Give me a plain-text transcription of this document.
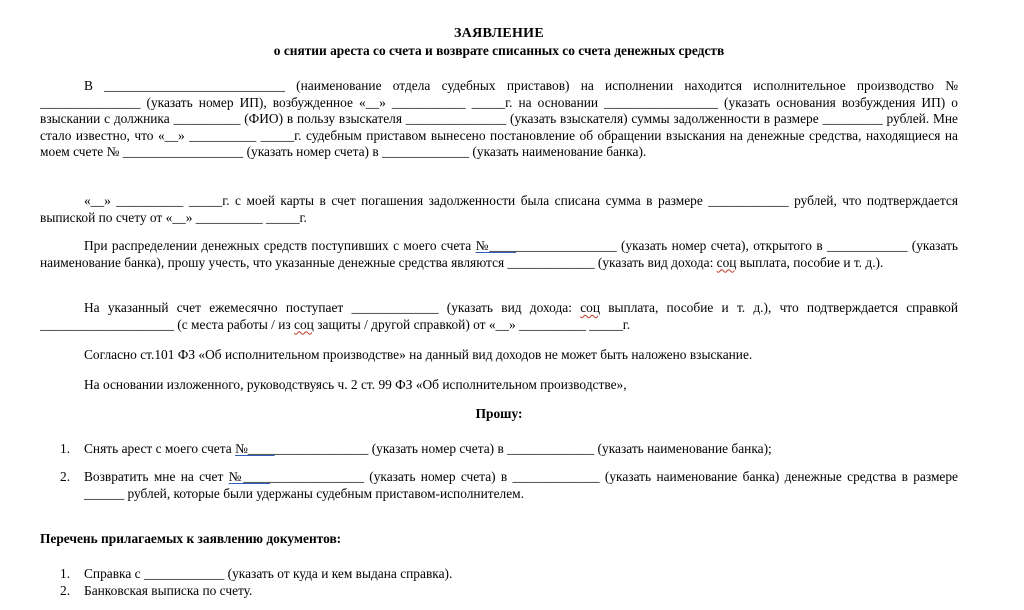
ЗАЯВЛЕНИЕ
о снятии ареста со счета и возврате списанных со счета денежных средств
В ___________________________ (наименование отдела судебных приставов) на исполнении находится исполнительное производство № _______________ (указать номер ИП), возбужденное «__» ___________ _____г. на основании _________________ (указать основания возбуждения ИП) о взыскании с должника __________ (ФИО) в пользу взыскателя _______________ (указать взыскателя) суммы задолженности в размере _________ рублей. Мне стало известно, что «__» __________ _____г. судебным приставом вынесено постановление об обращении взыскания на денежные средства, находящиеся на моем счете № __________________ (указать номер счета) в _____________ (указать наименование банка).
«__» __________ _____г. с моей карты в счет погашения задолженности была списана сумма в размере ____________ рублей, что подтверждается выпиской по счету от «__» __________ _____г.
При распределении денежных средств поступивших с моего счета №___________________ (указать номер счета), открытого в ____________ (указать наименование банка), прошу учесть, что указанные денежные средства являются _____________ (указать вид дохода: соц выплата, пособие и т. д.).
На указанный счет ежемесячно поступает _____________ (указать вид дохода: соц выплата, пособие и т. д.), что подтверждается справкой ____________________ (с места работы / из соц защиты / другой справкой) от «__» __________ _____г.
Согласно ст.101 ФЗ «Об исполнительном производстве» на данный вид доходов не может быть наложено взыскание.
На основании изложенного, руководствуясь ч. 2 ст. 99 ФЗ «Об исполнительном производстве»,
Прошу:
1. Снять арест с моего счета №__________________ (указать номер счета) в _____________ (указать наименование банка);
2. Возвратить мне на счет №__________________ (указать номер счета) в _____________ (указать наименование банка) денежные средства в размере ______ рублей, которые были удержаны судебным приставом-исполнителем.
Перечень прилагаемых к заявлению документов:
1. Справка с ____________ (указать от куда и кем выдана справка).
2. Банковская выписка по счету.
